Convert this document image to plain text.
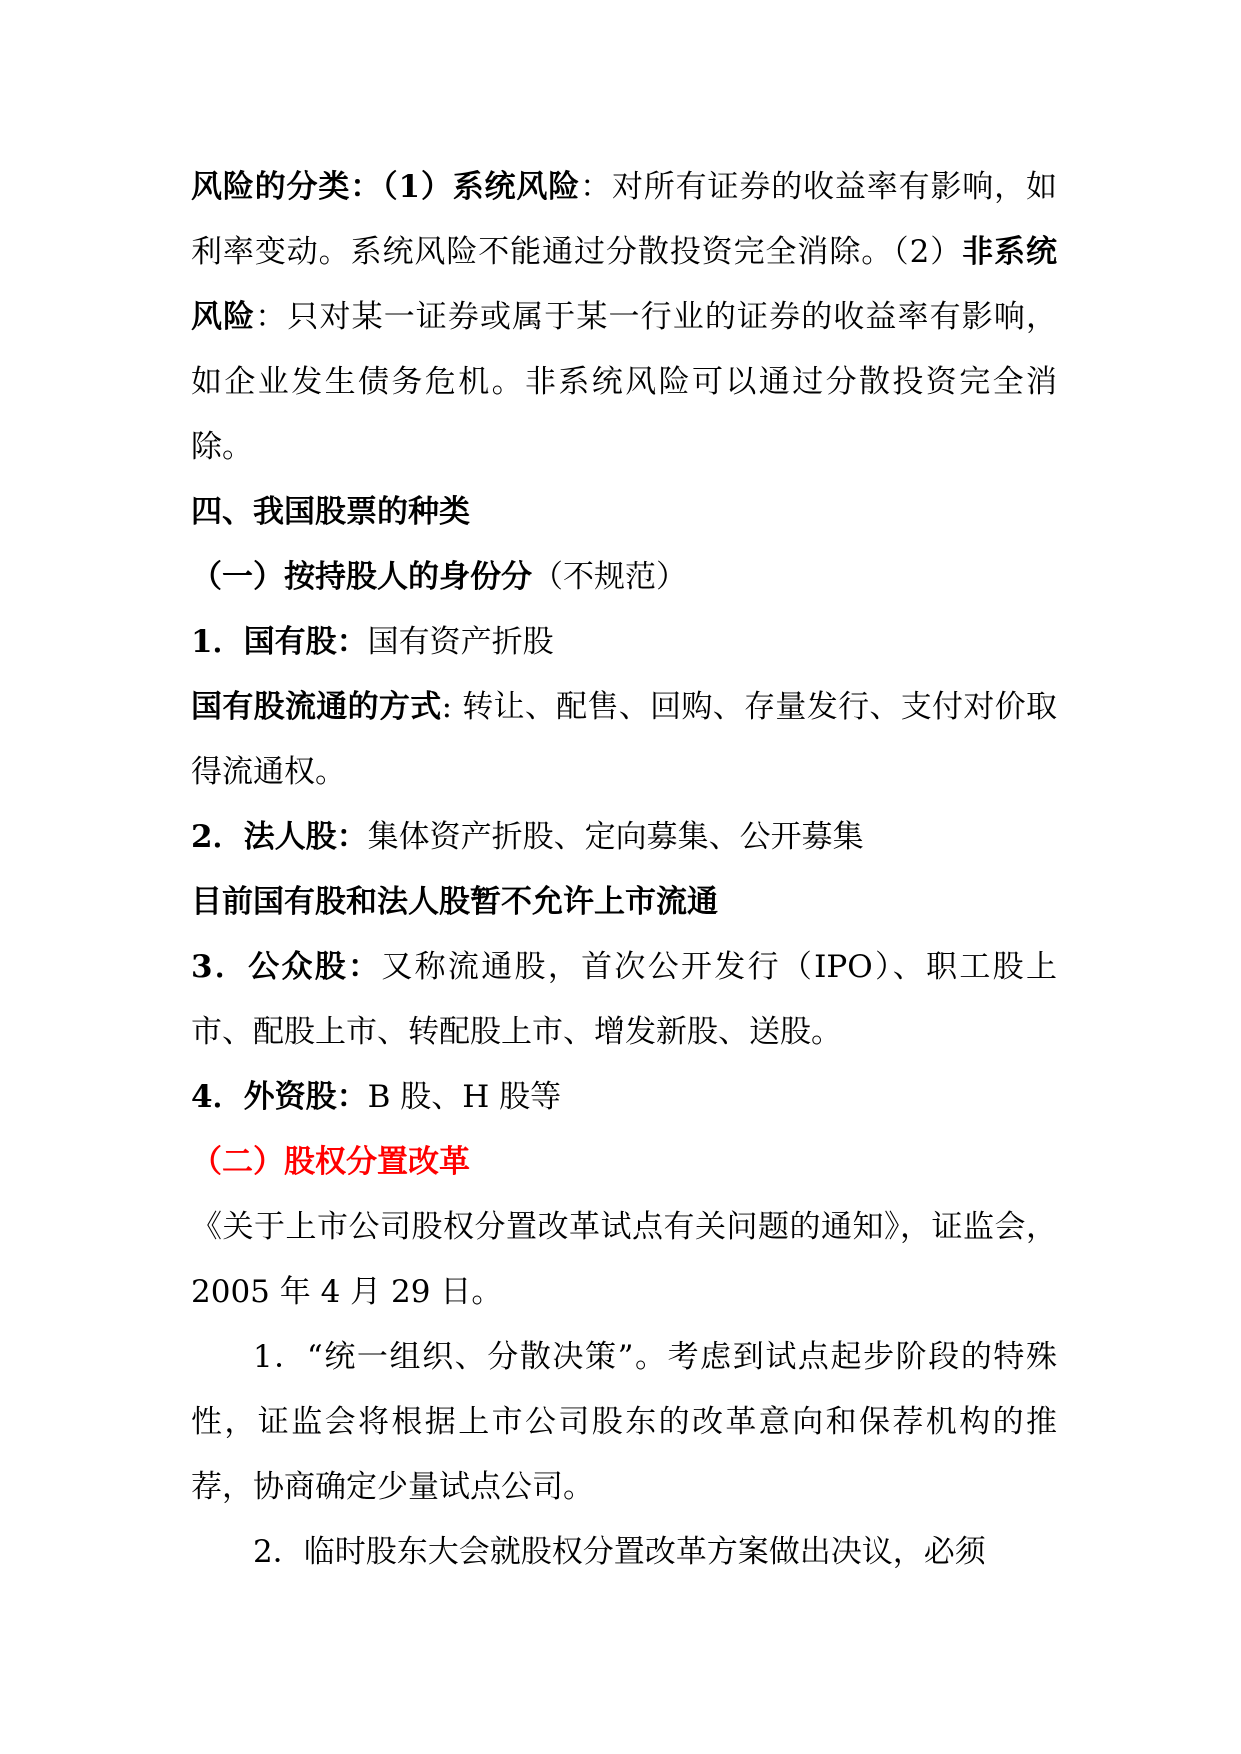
风险的分类：（1）系统风险：对所有证券的收益率有影响，如利率变动。系统风险不能通过分散投资完全消除。（2）非系统风险：只对某一证券或属于某一行业的证券的收益率有影响，如企业发生债务危机。非系统风险可以通过分散投资完全消除。

四、我国股票的种类

（一）按持股人的身份分（不规范）

1．国有股：国有资产折股

国有股流通的方式: 转让、配售、回购、存量发行、支付对价取得流通权。

2．法人股：集体资产折股、定向募集、公开募集

目前国有股和法人股暂不允许上市流通

3．公众股：又称流通股，首次公开发行（IPO）、职工股上市、配股上市、转配股上市、增发新股、送股。

4．外资股：B 股、H 股等

（二）股权分置改革

《关于上市公司股权分置改革试点有关问题的通知》，证监会，2005 年 4 月 29 日。

1．“统一组织、分散决策”。考虑到试点起步阶段的特殊性，证监会将根据上市公司股东的改革意向和保荐机构的推荐，协商确定少量试点公司。

2．临时股东大会就股权分置改革方案做出决议，必须
